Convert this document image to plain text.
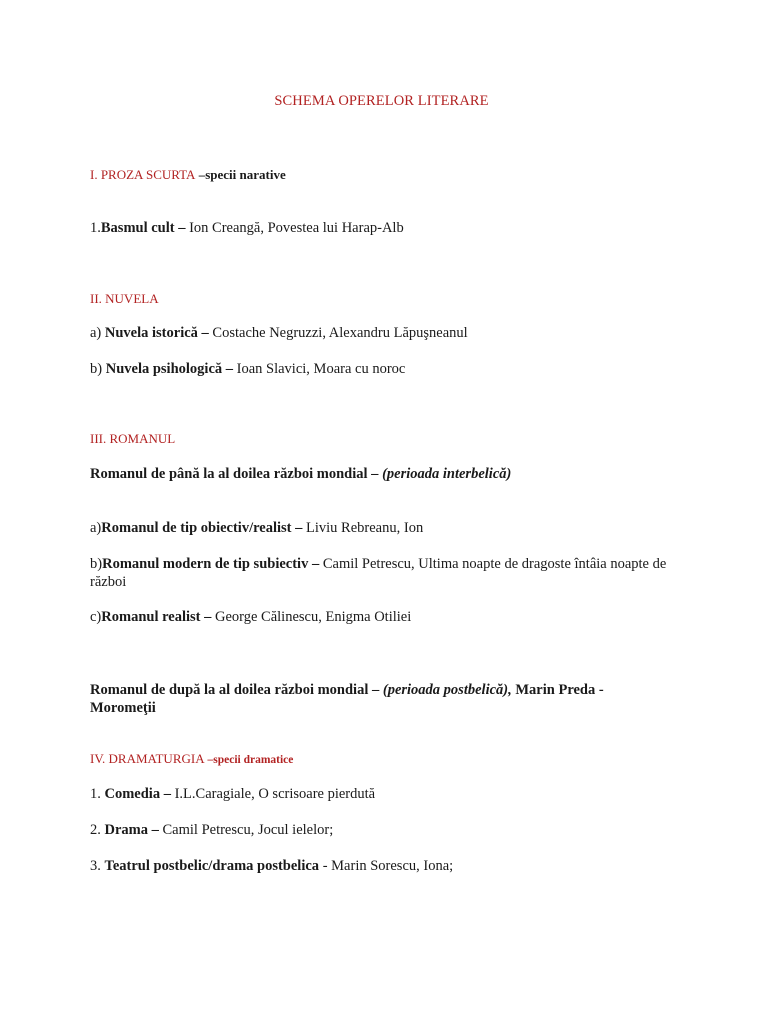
SCHEMA OPERELOR LITERARE
I. PROZA SCURTA –specii narative
1.Basmul cult – Ion Creangă, Povestea lui Harap-Alb
II. NUVELA
a) Nuvela istorică – Costache Negruzzi, Alexandru Lăpuşneanul
b) Nuvela psihologică – Ioan Slavici, Moara cu noroc
III. ROMANUL
Romanul de până la al doilea război mondial – (perioada interbelică)
a)Romanul de tip obiectiv/realist – Liviu Rebreanu, Ion
b)Romanul modern de tip subiectiv – Camil Petrescu, Ultima noapte de dragoste întâia noapte de război
c)Romanul realist – George Călinescu, Enigma Otiliei
Romanul de după la al doilea război mondial – (perioada postbelică), Marin Preda - Moromeţii
IV. DRAMATURGIA –specii dramatice
1. Comedia – I.L.Caragiale, O scrisoare pierdută
2. Drama – Camil Petrescu, Jocul ielelor;
3. Teatrul postbelic/drama postbelica - Marin Sorescu, Iona;
